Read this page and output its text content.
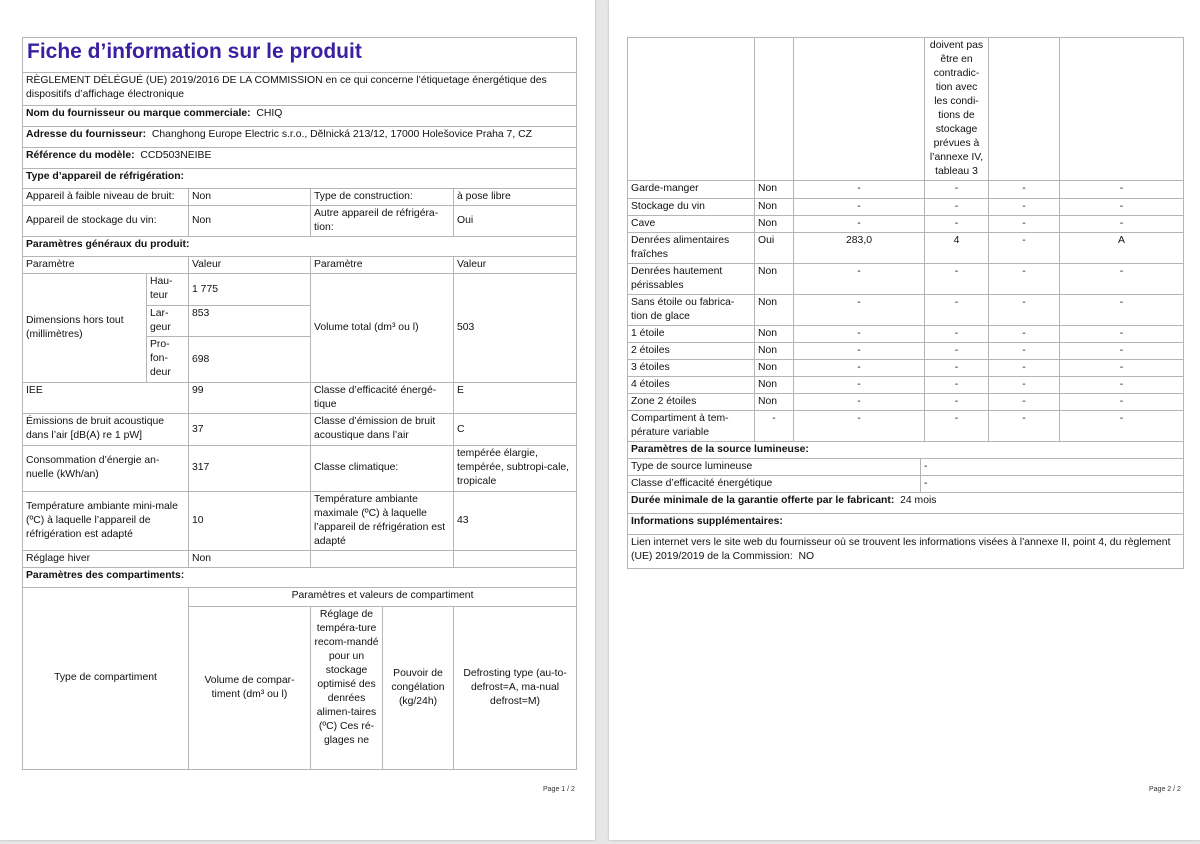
Fiche d’information sur le produit					

RÈGLEMENT DÉLÉGUÉ (UE) 2019/2016 DE LA COMMISSION en ce qui concerne l’étiquetage énergétique des dispositifs d’affichage électronique					
Nom du fournisseur ou marque commerciale: CHIQ					
Adresse du fournisseur: Changhong Europe Electric s.r.o., Dělnická 213/12, 17000 Holešovice Praha 7, CZ					
Référence du modèle: CCD503NEIBE					
Type d’appareil de réfrigération:					
Appareil à faible niveau de bruit:		Non	Type de construction:		à pose libre
Appareil de stockage du vin:		Non	Autre appareil de réfrigéra-tion:		Oui
Paramètres généraux du produit:					
Paramètre		Valeur	Paramètre		Valeur
Dimensions hors tout (millimètres)	Hau-teur	1 775	Volume total (dm³ ou l)		503
	Lar-geur	853			
	Pro-fon-deur	698			
IEE		99	Classe d’efficacité énergé-tique		E
Émissions de bruit acoustique dans l’air [dB(A) re 1 pW]		37	Classe d’émission de bruit acoustique dans l’air		C
Consommation d’énergie an-nuelle (kWh/an)		317	Classe climatique:		tempérée élargie, tempérée, subtropi-cale, tropicale
Température ambiante mini-male (ºC) à laquelle l’appareil de réfrigération est adapté		10	Température ambiante maximale (ºC) à laquelle l’appareil de réfrigération est adapté		43
Réglage hiver		Non			
Paramètres des compartiments:					
Type de compartiment		Paramètres et valeurs de compartiment			
		Volume de compar-timent (dm³ ou l)	Réglage de tempéra-ture recom-mandé pour un stockage optimisé des denrées alimen-taires (ºC) Ces ré-glages ne	Pouvoir de congélation (kg/24h)	Defrosting type (au-to-defrost=A, ma-nual defrost=M)
Page 1 / 2
			doivent pas être en contradic-tion avec les condi-tions de stockage prévues à l’annexe IV, tableau 3		
Garde-manger	Non	-	-	-	-
Stockage du vin	Non	-	-	-	-
Cave	Non	-	-	-	-
Denrées alimentaires fraîches	Oui	283,0	4	-	A
Denrées hautement périssables	Non	-	-	-	-
Sans étoile ou fabrica-tion de glace	Non	-	-	-	-
1 étoile	Non	-	-	-	-
2 étoiles	Non	-	-	-	-
3 étoiles	Non	-	-	-	-
4 étoiles	Non	-	-	-	-
Zone 2 étoiles	Non	-	-	-	-
Compartiment à tem-pérature variable	-	-	-	-	-
Paramètres de la source lumineuse:	
Type de source lumineuse	-
Classe d’efficacité énergétique	-
Durée minimale de la garantie offerte par le fabricant: 24 mois	
Informations supplémentaires:	
Lien internet vers le site web du fournisseur où se trouvent les informations visées à l’annexe II, point 4, du règlement (UE) 2019/2019 de la Commission: NO	
Page 2 / 2
